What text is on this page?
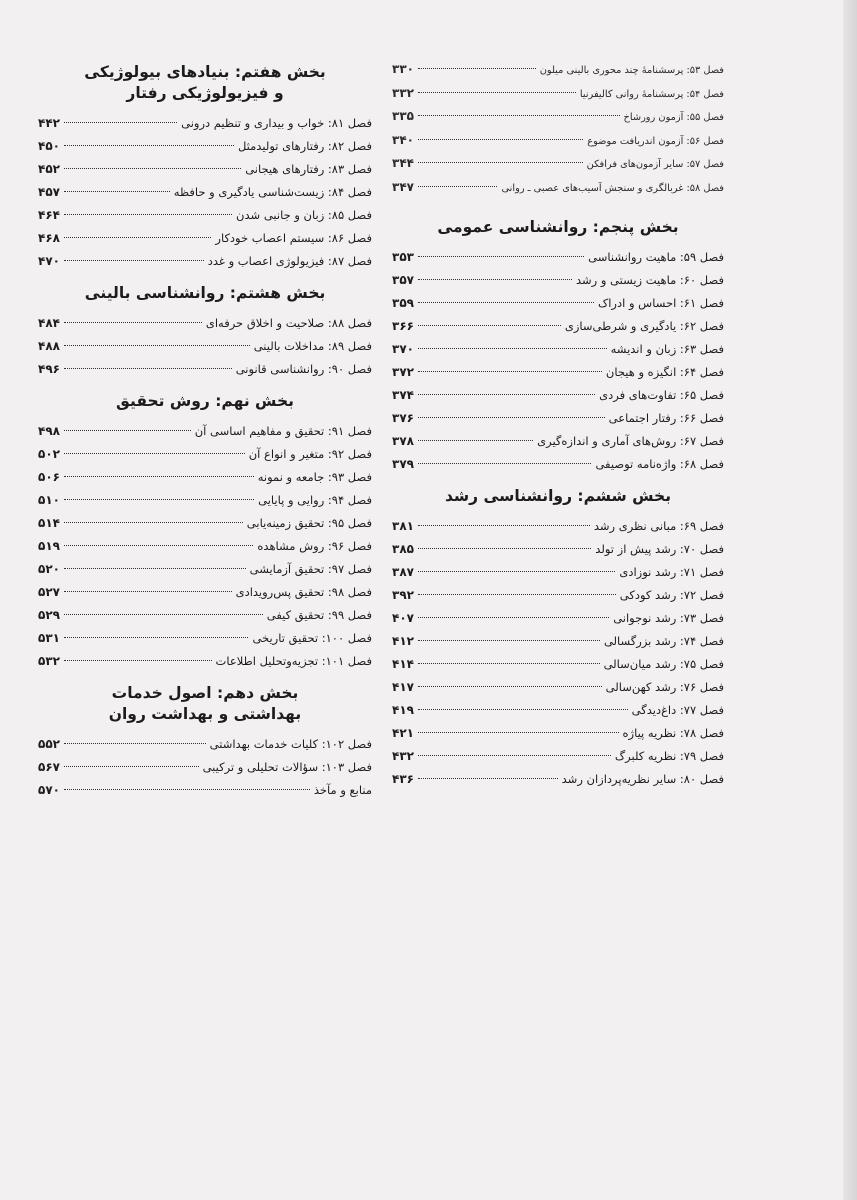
فصل ۵۳: پرسشنامهٔ چند محوری بالینی میلون
۳۳۰
فصل ۵۴: پرسشنامهٔ روانی کالیفرنیا
۳۳۲
فصل ۵۵: آزمون رورشاخ
۳۳۵
فصل ۵۶: آزمون اندریافت موضوع
۳۴۰
فصل ۵۷: سایر آزمون‌های فرافکن
۳۴۴
فصل ۵۸: غربالگری و سنجش آسیب‌های عصبی ـ روانی
۳۴۷
بخش پنجم: روانشناسی عمومی
فصل ۵۹: ماهیت روانشناسی
۳۵۳
فصل ۶۰: ماهیت زیستی و رشد
۳۵۷
فصل ۶۱: احساس و ادراک
۳۵۹
فصل ۶۲: یادگیری و شرطی‌سازی
۳۶۶
فصل ۶۳: زبان و اندیشه
۳۷۰
فصل ۶۴: انگیزه و هیجان
۳۷۲
فصل ۶۵: تفاوت‌های فردی
۳۷۴
فصل ۶۶: رفتار اجتماعی
۳۷۶
فصل ۶۷: روش‌های آماری و اندازه‌گیری
۳۷۸
فصل ۶۸: واژه‌نامه توصیفی
۳۷۹
بخش ششم: روانشناسی رشد
فصل ۶۹: مبانی نظری رشد
۳۸۱
فصل ۷۰: رشد پیش از تولد
۳۸۵
فصل ۷۱: رشد نوزادی
۳۸۷
فصل ۷۲: رشد کودکی
۳۹۲
فصل ۷۳: رشد نوجوانی
۴۰۷
فصل ۷۴: رشد بزرگسالی
۴۱۲
فصل ۷۵: رشد میان‌سالی
۴۱۴
فصل ۷۶: رشد کهن‌سالی
۴۱۷
فصل ۷۷: داغ‌دیدگی
۴۱۹
فصل ۷۸: نظریه پیاژه
۴۲۱
فصل ۷۹: نظریه کلبرگ
۴۳۲
فصل ۸۰: سایر نظریه‌پردازان رشد
۴۳۶
بخش هفتم: بنیادهای بیولوژیکی و فیزیولوژیکی رفتار
فصل ۸۱: خواب و بیداری و تنظیم درونی
۴۴۲
فصل ۸۲: رفتارهای تولیدمثل
۴۵۰
فصل ۸۳: رفتارهای هیجانی
۴۵۲
فصل ۸۴: زیست‌شناسی یادگیری و حافظه
۴۵۷
فصل ۸۵: زبان و جانبی شدن
۴۶۴
فصل ۸۶: سیستم اعصاب خودکار
۴۶۸
فصل ۸۷: فیزیولوژی اعصاب و غدد
۴۷۰
بخش هشتم: روانشناسی بالینی
فصل ۸۸: صلاحیت و اخلاق حرفه‌ای
۴۸۴
فصل ۸۹: مداخلات بالینی
۴۸۸
فصل ۹۰: روانشناسی قانونی
۴۹۶
بخش نهم: روش تحقیق
فصل ۹۱: تحقیق و مفاهیم اساسی آن
۴۹۸
فصل ۹۲: متغیر و انواع آن
۵۰۲
فصل ۹۳: جامعه و نمونه
۵۰۶
فصل ۹۴: روایی و پایایی
۵۱۰
فصل ۹۵: تحقیق زمینه‌یابی
۵۱۴
فصل ۹۶: روش مشاهده
۵۱۹
فصل ۹۷: تحقیق آزمایشی
۵۲۰
فصل ۹۸: تحقیق پس‌رویدادی
۵۲۷
فصل ۹۹: تحقیق کیفی
۵۲۹
فصل ۱۰۰: تحقیق تاریخی
۵۳۱
فصل ۱۰۱: تجزیه‌وتحلیل اطلاعات
۵۳۲
بخش دهم: اصول خدمات بهداشتی و بهداشت روان
فصل ۱۰۲: کلیات خدمات بهداشتی
۵۵۲
فصل ۱۰۳: سؤالات تحلیلی و ترکیبی
۵۶۷
منابع و مآخذ
۵۷۰
